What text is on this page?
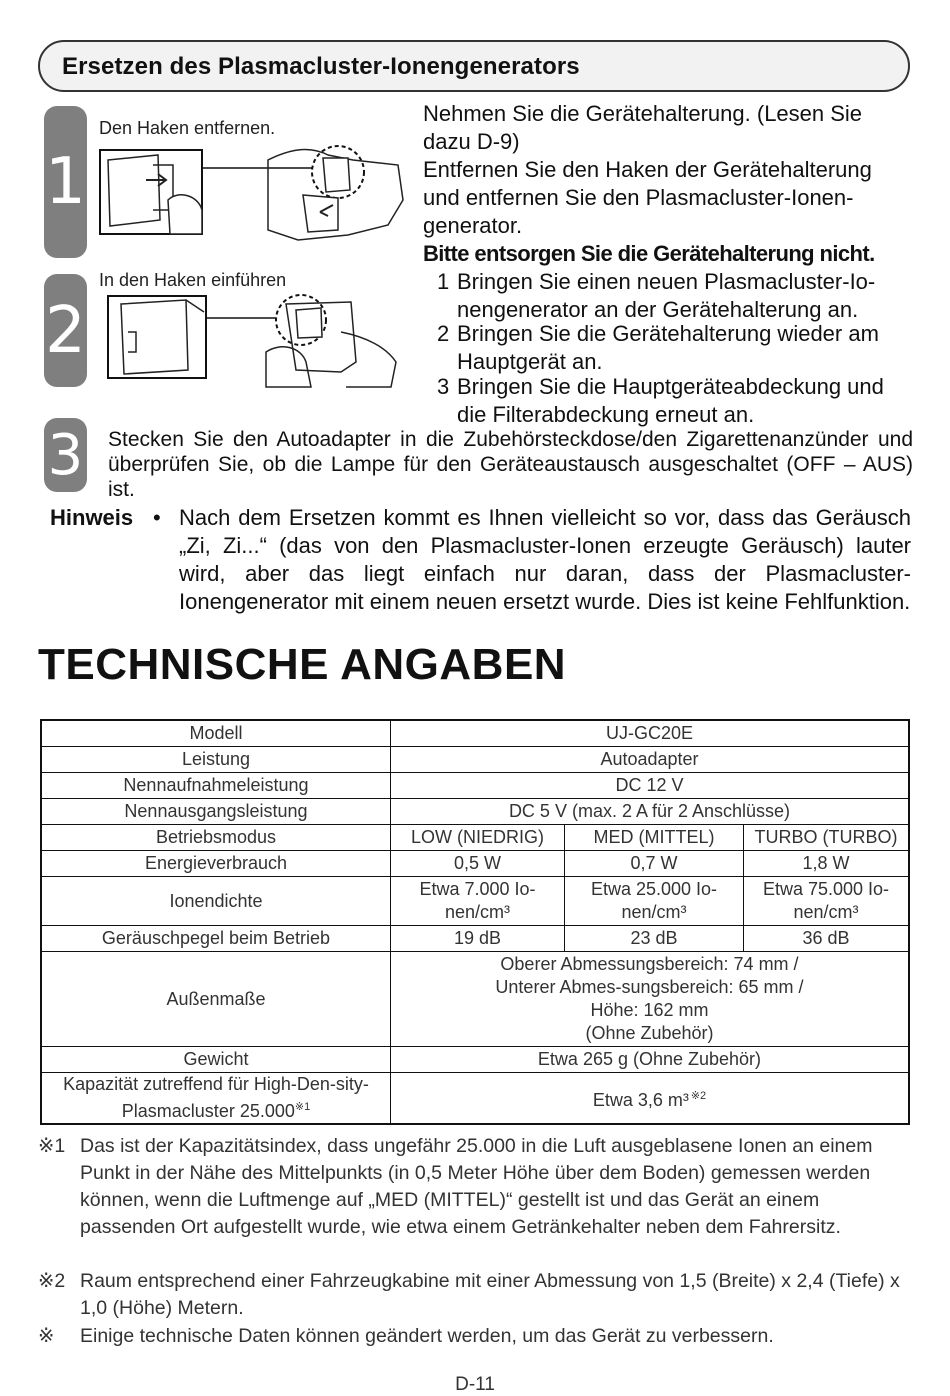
Ersetzen des Plasmacluster-Ionengenerators
1
Den Haken entfernen.
2
In den Haken einführen
Nehmen Sie die Gerätehalterung. (Lesen Sie dazu D-9)
Entfernen Sie den Haken der Gerätehalterung und entfernen Sie den Plasmacluster-Ionen-generator.
Bitte entsorgen Sie die Gerätehalterung nicht.
1 Bringen Sie einen neuen Plasmacluster-Io-nengenerator an der Gerätehalterung an.
2 Bringen Sie die Gerätehalterung wieder am Hauptgerät an.
3 Bringen Sie die Hauptgeräteabdeckung und die Filterabdeckung erneut an.
3 Stecken Sie den Autoadapter in die Zubehörsteckdose/den Zigarettenanzünder und überprüfen Sie, ob die Lampe für den Geräteaustausch ausgeschaltet (OFF – AUS) ist.
Hinweis • Nach dem Ersetzen kommt es Ihnen vielleicht so vor, dass das Geräusch „Zi, Zi...“ (das von den Plasmacluster-Ionen erzeugte Geräusch) lauter wird, aber das liegt einfach nur daran, dass der Plasmacluster-Ionengenerator mit einem neuen ersetzt wurde. Dies ist keine Fehlfunktion.
TECHNISCHE ANGABEN
Modell	UJ-GC20E		
Leistung	Autoadapter		
Nennaufnahmeleistung	DC 12 V		
Nennausgangsleistung	DC 5 V (max. 2 A für 2 Anschlüsse)		
Betriebsmodus	LOW (NIEDRIG)	MED (MITTEL)	TURBO (TURBO)
Energieverbrauch	0,5 W	0,7 W	1,8 W
Ionendichte	Etwa 7.000 Io-nen/cm³	Etwa 25.000 Io-nen/cm³	Etwa 75.000 Io-nen/cm³
Geräuschpegel beim Betrieb	19 dB	23 dB	36 dB
Außenmaße	Oberer Abmessungsbereich: 74 mm / Unterer Abmes-sungsbereich: 65 mm / Höhe: 162 mm
(Ohne Zubehör)		

Gewicht	Etwa 265 g (Ohne Zubehör)		
Kapazität zutreffend für High-Den-sity-Plasmacluster 25.000$^{※1}$	Etwa 3,6 m³ $^{※2}$
※1 Das ist der Kapazitätsindex, dass ungefähr 25.000 in die Luft ausgeblasene Ionen an einem Punkt in der Nähe des Mittelpunkts (in 0,5 Meter Höhe über dem Boden) gemessen werden können, wenn die Luftmenge auf „MED (MITTEL)“ gestellt ist und das Gerät an einem passenden Ort aufgestellt wurde, wie etwa einem Getränkehalter neben dem Fahrersitz.
※2 Raum entsprechend einer Fahrzeugkabine mit einer Abmessung von 1,5 (Breite) x 2,4 (Tiefe) x 1,0 (Höhe) Metern.
※ Einige technische Daten können geändert werden, um das Gerät zu verbessern.
D-11
